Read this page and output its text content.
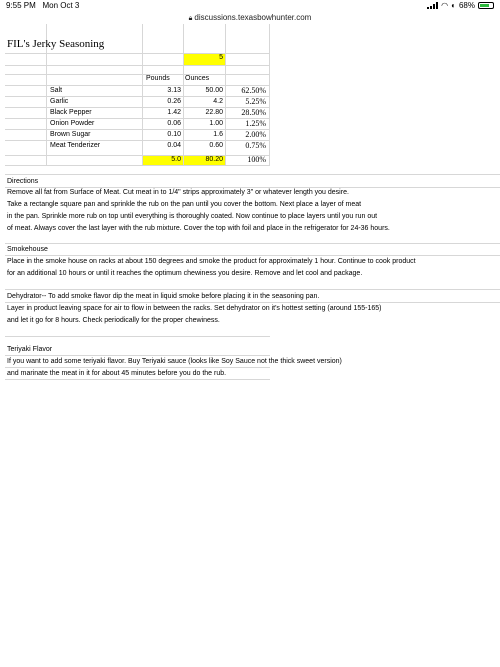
9:55 PM Mon Oct 3	◠ ◐ 68%
🔒︎ discussions.texasbowhunter.com
FIL's Jerky Seasoning
5
Pounds Ounces
Salt	3.13	50.00	62.50%
Garlic	0.26	4.2	5.25%
Black Pepper	1.42	22.80	28.50%
Onion Powder	0.06	1.00	1.25%
Brown Sugar	0.10	1.6	2.00%
Meat Tenderizer	0.04	0.60	0.75%
5.0	80.20	100%
Directions
Remove all fat from Surface of Meat. Cut meat in to 1/4" strips approximately 3" or whatever length you desire.
Take a rectangle square pan and sprinkle the rub on the pan until you cover the bottom. Next place a layer of meat
in the pan. Sprinkle more rub on top until everything is thoroughly coated. Now continue to place layers until you run out
of meat. Always cover the last layer with the rub mixture. Cover the top with foil and place in the refrigerator for 24-36 hours.
Smokehouse
Place in the smoke house on racks at about 150 degrees and smoke the product for approximately 1 hour. Continue to cook product
for an additional 10 hours or until it reaches the optimum chewiness you desire. Remove and let cool and package.
Dehydrator-- To add smoke flavor dip the meat in liquid smoke before placing it in the seasoning pan.
Layer in product leaving space for air to flow in between the racks. Set dehydrator on it's hottest setting (around 155-165)
and let it go for 8 hours. Check periodically for the proper chewiness.
Teriyaki Flavor
If you want to add some teriyaki flavor. Buy Teriyaki sauce (looks like Soy Sauce not the thick sweet version)
and marinate the meat in it for about 45 minutes before you do the rub.
